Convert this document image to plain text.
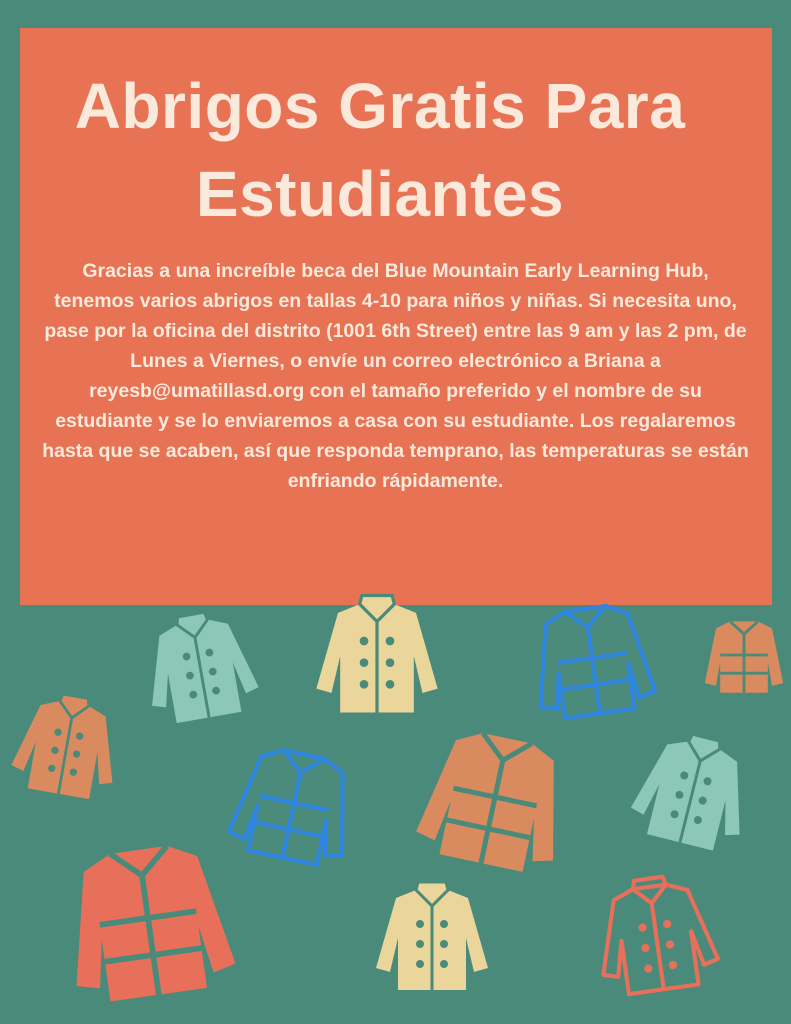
Abrigos Gratis Para
Estudiantes
Gracias a una increíble beca del Blue Mountain Early Learning Hub, tenemos varios abrigos en tallas 4-10 para niños y niñas. Si necesita uno, pase por la oficina del distrito (1001 6th Street) entre las 9 am y las 2 pm, de Lunes a Viernes, o envíe un correo electrónico a Briana a reyesb@umatillasd.org con el tamaño preferido y el nombre de su estudiante y se lo enviaremos a casa con su estudiante. Los regalaremos hasta que se acaben, así que responda temprano, las temperaturas se están enfriando rápidamente.
